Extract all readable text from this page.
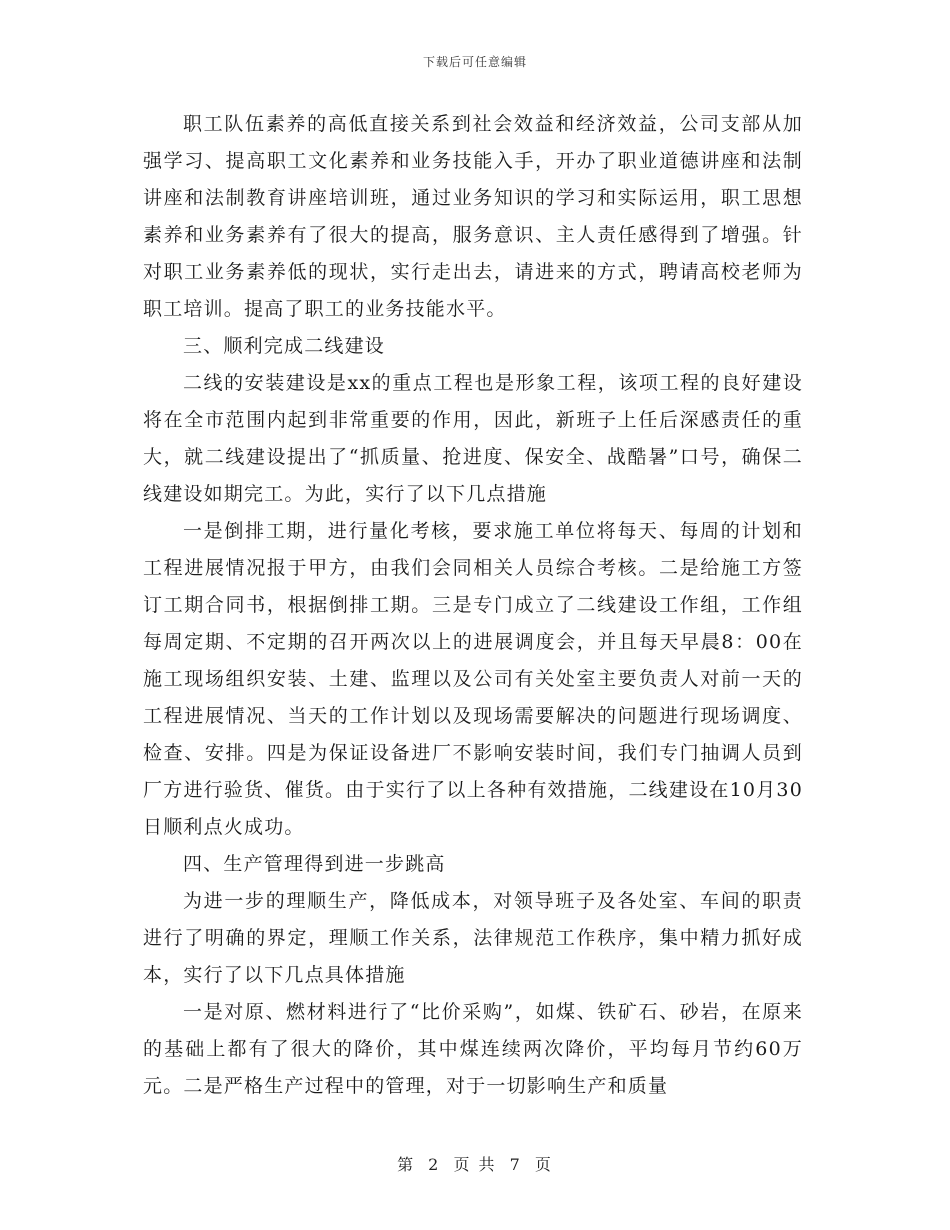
下载后可任意编辑

职工队伍素养的高低直接关系到社会效益和经济效益，公司支部从加强学习、提高职工文化素养和业务技能入手，开办了职业道德讲座和法制讲座和法制教育讲座培训班，通过业务知识的学习和实际运用，职工思想素养和业务素养有了很大的提高，服务意识、主人责任感得到了增强。针对职工业务素养低的现状，实行走出去，请进来的方式，聘请高校老师为职工培训。提高了职工的业务技能水平。

三、顺利完成二线建设

二线的安装建设是xx的重点工程也是形象工程，该项工程的良好建设将在全市范围内起到非常重要的作用，因此，新班子上任后深感责任的重大，就二线建设提出了“抓质量、抢进度、保安全、战酷暑”口号，确保二线建设如期完工。为此，实行了以下几点措施

一是倒排工期，进行量化考核，要求施工单位将每天、每周的计划和工程进展情况报于甲方，由我们会同相关人员综合考核。二是给施工方签订工期合同书，根据倒排工期。三是专门成立了二线建设工作组，工作组每周定期、不定期的召开两次以上的进展调度会，并且每天早晨8：00在施工现场组织安装、土建、监理以及公司有关处室主要负责人对前一天的工程进展情况、当天的工作计划以及现场需要解决的问题进行现场调度、检查、安排。四是为保证设备进厂不影响安装时间，我们专门抽调人员到厂方进行验货、催货。由于实行了以上各种有效措施，二线建设在10月30日顺利点火成功。

四、生产管理得到进一步跳高

为进一步的理顺生产，降低成本，对领导班子及各处室、车间的职责进行了明确的界定，理顺工作关系，法律规范工作秩序，集中精力抓好成本，实行了以下几点具体措施

一是对原、燃材料进行了“比价采购”，如煤、铁矿石、砂岩，在原来的基础上都有了很大的降价，其中煤连续两次降价，平均每月节约60万元。二是严格生产过程中的管理，对于一切影响生产和质量

第 2 页 共 7 页
